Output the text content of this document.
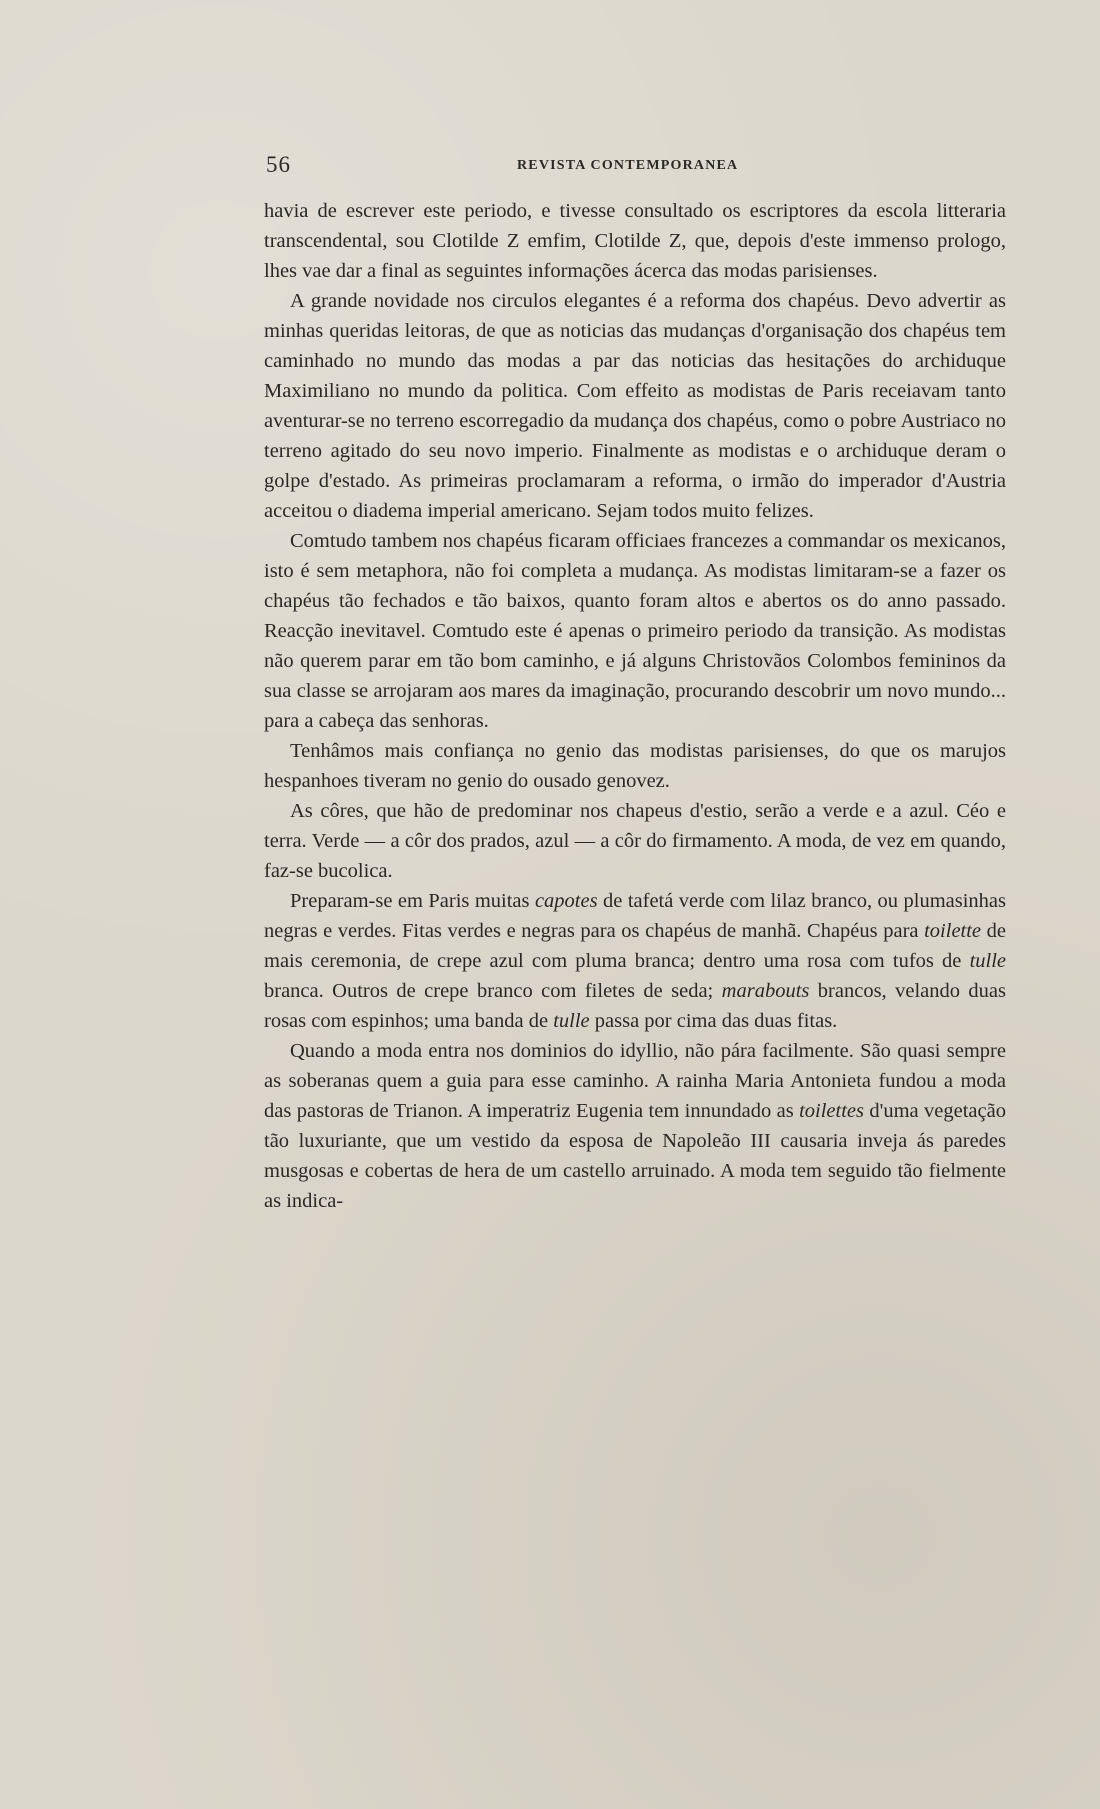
56	REVISTA CONTEMPORANEA

havia de escrever este periodo, e tivesse consultado os escriptores da escola litteraria transcendental, sou Clotilde Z emfim, Clotilde Z, que, depois d'este immenso prologo, lhes vae dar a final as seguintes informações ácerca das modas parisienses.

A grande novidade nos circulos elegantes é a reforma dos chapéus. Devo advertir as minhas queridas leitoras, de que as noticias das mudanças d'organisação dos chapéus tem caminhado no mundo das modas a par das noticias das hesitações do archiduque Maximiliano no mundo da politica. Com effeito as modistas de Paris receiavam tanto aventurar-se no terreno escorregadio da mudança dos chapéus, como o pobre Austriaco no terreno agitado do seu novo imperio. Finalmente as modistas e o archiduque deram o golpe d'estado. As primeiras proclamaram a reforma, o irmão do imperador d'Austria acceitou o diadema imperial americano. Sejam todos muito felizes.

Comtudo tambem nos chapéus ficaram officiaes francezes a commandar os mexicanos, isto é sem metaphora, não foi completa a mudança. As modistas limitaram-se a fazer os chapéus tão fechados e tão baixos, quanto foram altos e abertos os do anno passado. Reacção inevitavel. Comtudo este é apenas o primeiro periodo da transição. As modistas não querem parar em tão bom caminho, e já alguns Christovãos Colombos femininos da sua classe se arrojaram aos mares da imaginação, procurando descobrir um novo mundo... para a cabeça das senhoras.

Tenhâmos mais confiança no genio das modistas parisienses, do que os marujos hespanhoes tiveram no genio do ousado genovez.

As côres, que hão de predominar nos chapeus d'estio, serão a verde e a azul. Céo e terra. Verde — a côr dos prados, azul — a côr do firmamento. A moda, de vez em quando, faz-se bucolica.

Preparam-se em Paris muitas capotes de tafetá verde com lilaz branco, ou plumasinhas negras e verdes. Fitas verdes e negras para os chapéus de manhã. Chapéus para toilette de mais ceremonia, de crepe azul com pluma branca; dentro uma rosa com tufos de tulle branca. Outros de crepe branco com filetes de seda; marabouts brancos, velando duas rosas com espinhos; uma banda de tulle passa por cima das duas fitas.

Quando a moda entra nos dominios do idyllio, não pára facilmente. São quasi sempre as soberanas quem a guia para esse caminho. A rainha Maria Antonieta fundou a moda das pastoras de Trianon. A imperatriz Eugenia tem innundado as toilettes d'uma vegetação tão luxuriante, que um vestido da esposa de Napoleão III causaria inveja ás paredes musgosas e cobertas de hera de um castello arruinado. A moda tem seguido tão fielmente as indica-
